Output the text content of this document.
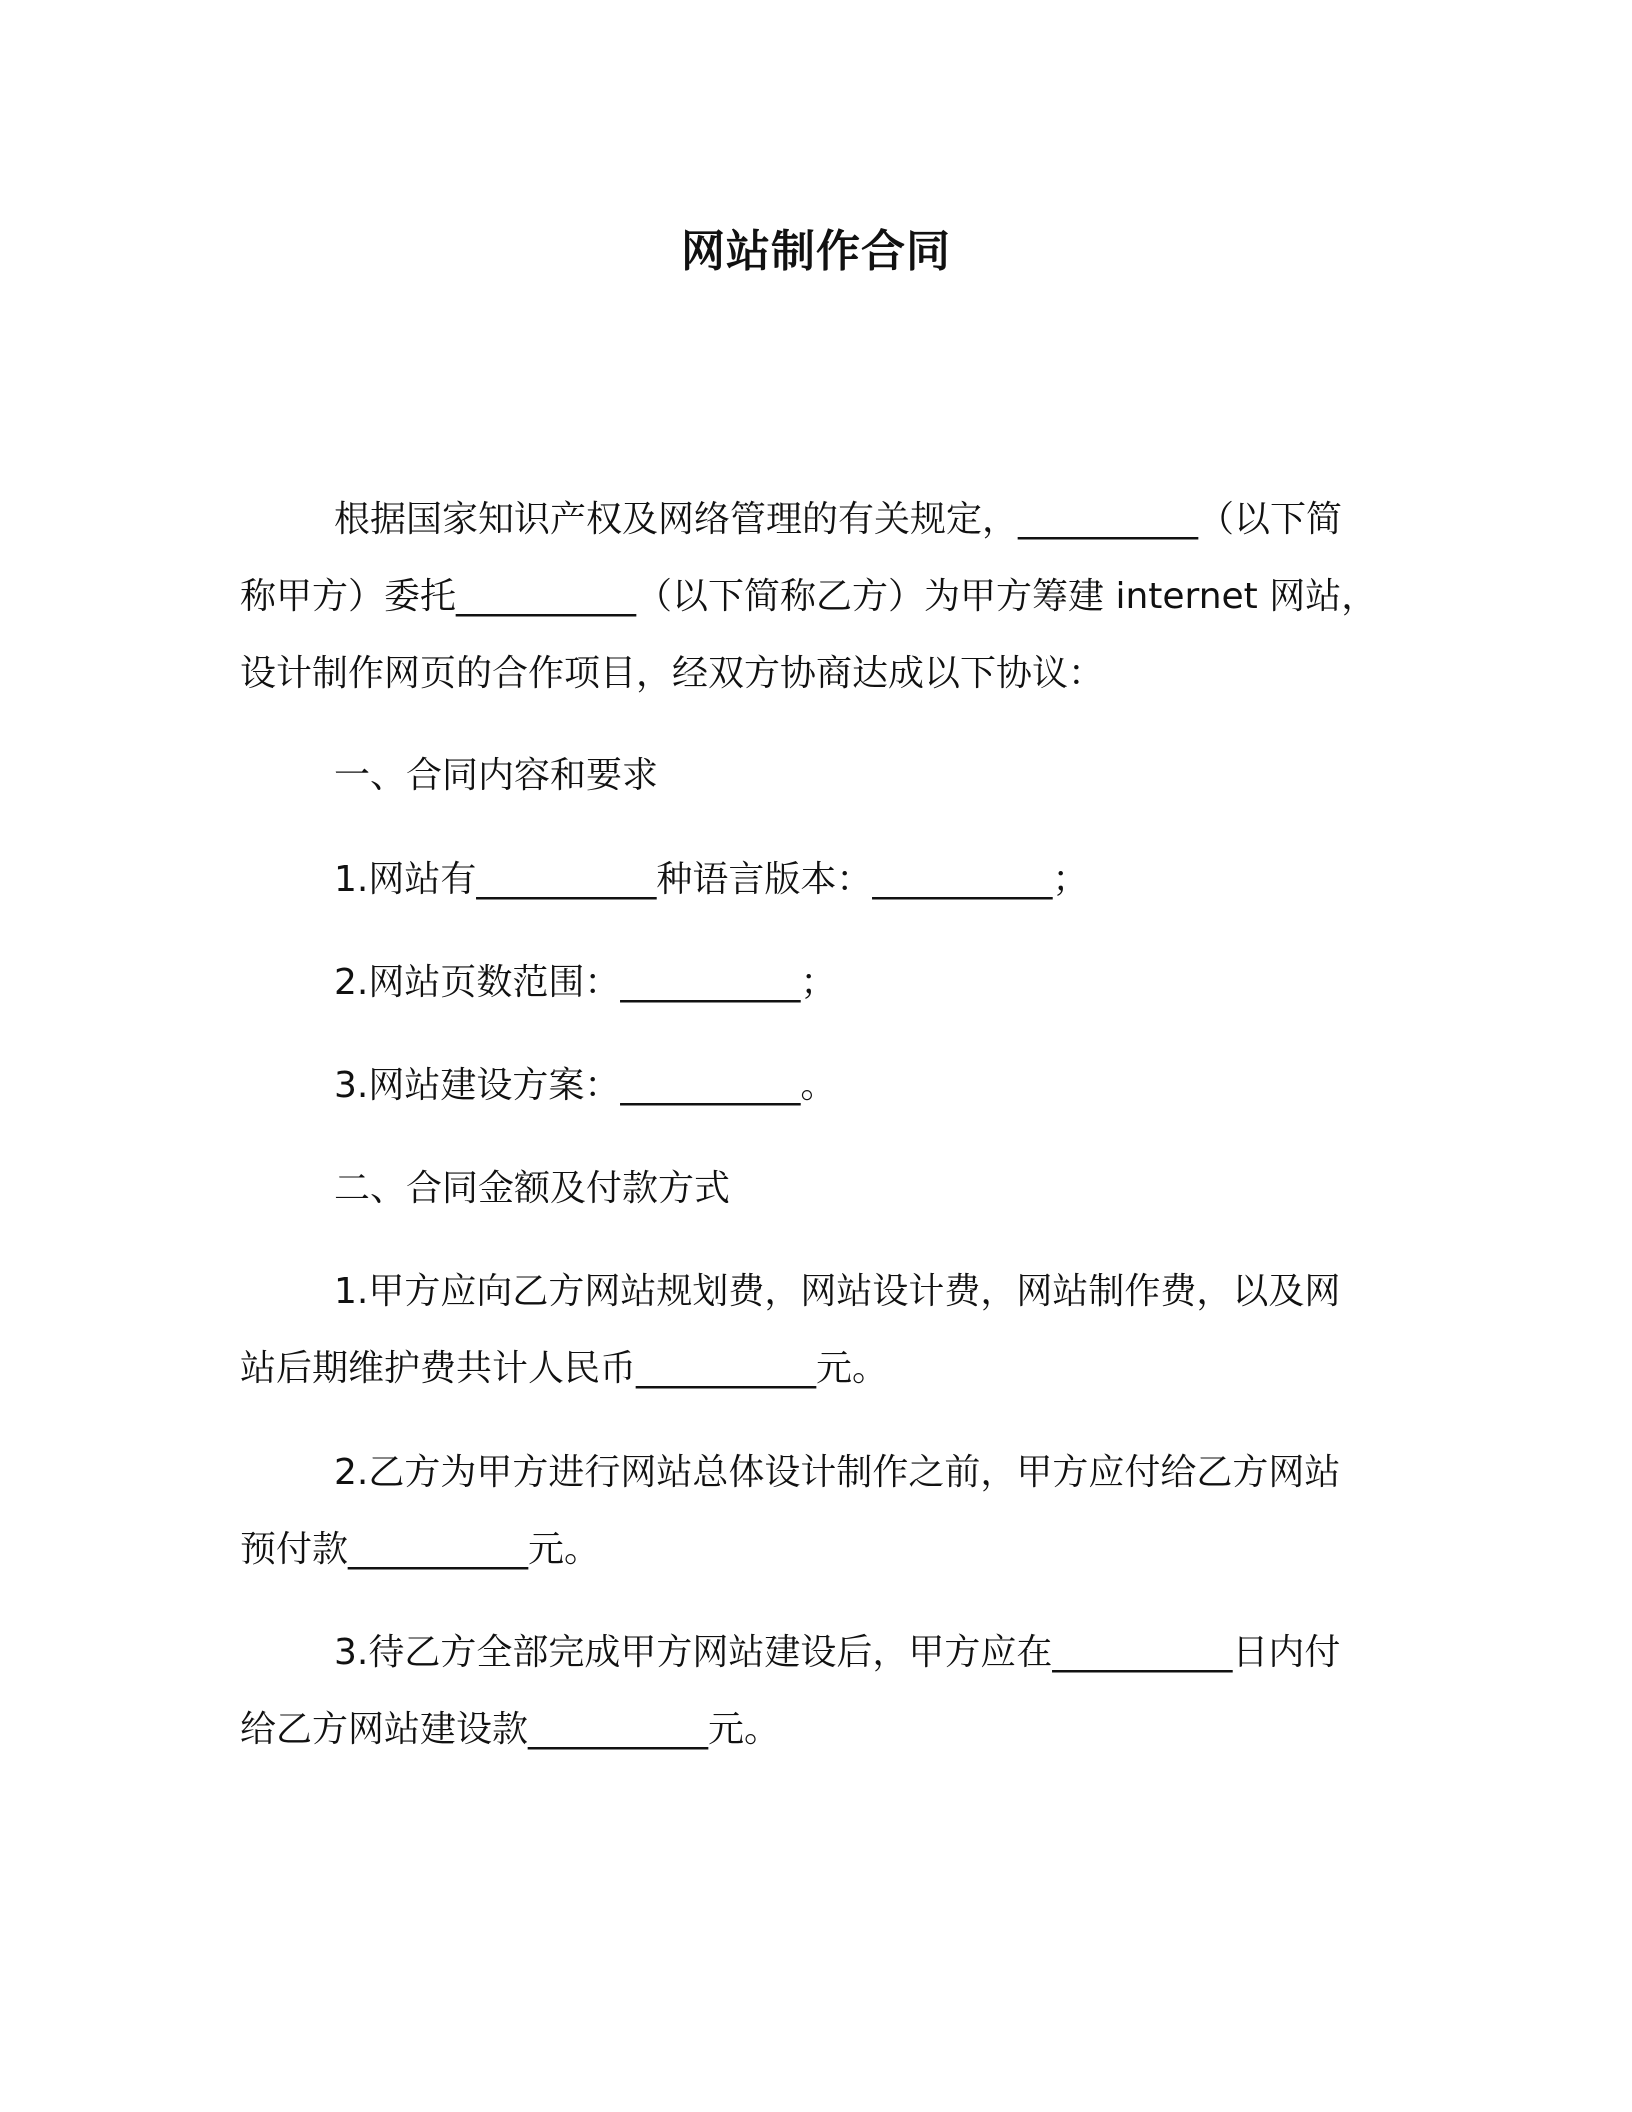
网站制作合同
根据国家知识产权及网络管理的有关规定，__________（以下简
称甲方）委托__________（以下简称乙方）为甲方筹建 internet 网站，
设计制作网页的合作项目，经双方协商达成以下协议：
一、合同内容和要求
1.网站有__________种语言版本：__________；
2.网站页数范围：__________；
3.网站建设方案：__________。
二、合同金额及付款方式
1.甲方应向乙方网站规划费，网站设计费，网站制作费，以及网
站后期维护费共计人民币__________元。
2.乙方为甲方进行网站总体设计制作之前，甲方应付给乙方网站
预付款__________元。
3.待乙方全部完成甲方网站建设后，甲方应在__________日内付
给乙方网站建设款__________元。
